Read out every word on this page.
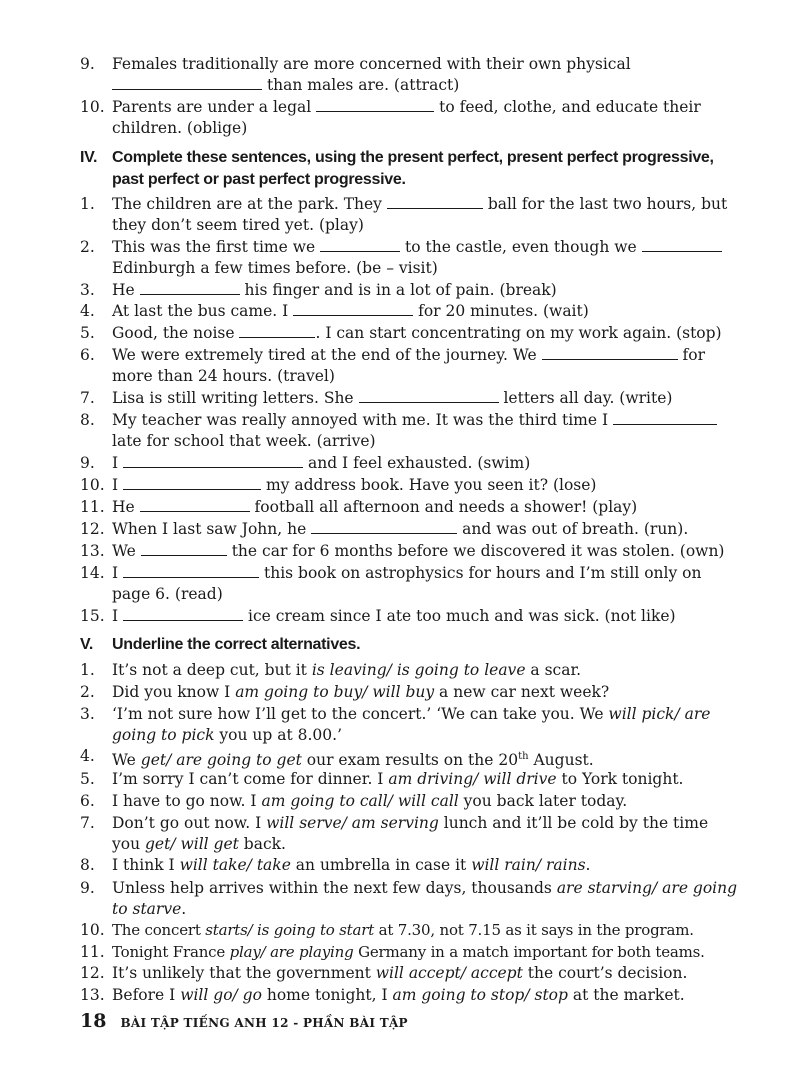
9.	Females traditionally are more concerned with their own physical
than males are. (attract)
10. Parents are under a legal	to feed, clothe, and educate their children. (oblige)
IV. Complete these sentences, using the present perfect, present perfect progressive, past perfect or past perfect progressive.
1.	The children are at the park. They	ball for the last two hours, but they don’t seem tired yet. (play)
2.	This was the first time we	to the castle, even though we
Edinburgh a few times before. (be – visit)
3.	He	his finger and is in a lot of pain. (break)
4.	At last the bus came. I	for 20 minutes. (wait)
5.	Good, the noise	. I can start concentrating on my work again. (stop)
6.	We were extremely tired at the end of the journey. We	for more than 24 hours. (travel)
7.	Lisa is still writing letters. She	letters all day. (write)
8.	My teacher was really annoyed with me. It was the third time I
late for school that week. (arrive)
9.	I	and I feel exhausted. (swim)
10. I	my address book. Have you seen it? (lose)
11. He	football all afternoon and needs a shower! (play)
12. When I last saw John, he	and was out of breath. (run).
13. We	the car for 6 months before we discovered it was stolen. (own)
14. I	this book on astrophysics for hours and I’m still only on page 6. (read)
15. I	ice cream since I ate too much and was sick. (not like)
V. Underline the correct alternatives.
1.	It’s not a deep cut, but it is leaving/ is going to leave a scar.
2.	Did you know I am going to buy/ will buy a new car next week?
3.	‘I’m not sure how I’ll get to the concert.’ ‘We can take you. We will pick/ are going to pick you up at 8.00.’
4.	We get/ are going to get our exam results on the 20th August.
5.	I’m sorry I can’t come for dinner. I am driving/ will drive to York tonight.
6.	I have to go now. I am going to call/ will call you back later today.
7.	Don’t go out now. I will serve/ am serving lunch and it’ll be cold by the time you get/ will get back.
8.	I think I will take/ take an umbrella in case it will rain/ rains.
9.	Unless help arrives within the next few days, thousands are starving/ are going to starve.
10. The concert starts/ is going to start at 7.30, not 7.15 as it says in the program.
11. Tonight France play/ are playing Germany in a match important for both teams.
12. It’s unlikely that the government will accept/ accept the court’s decision.
13. Before I will go/ go home tonight, I am going to stop/ stop at the market.
18 BÀI TẬP TIẾNG ANH 12 - PHẦN BÀI TẬP
